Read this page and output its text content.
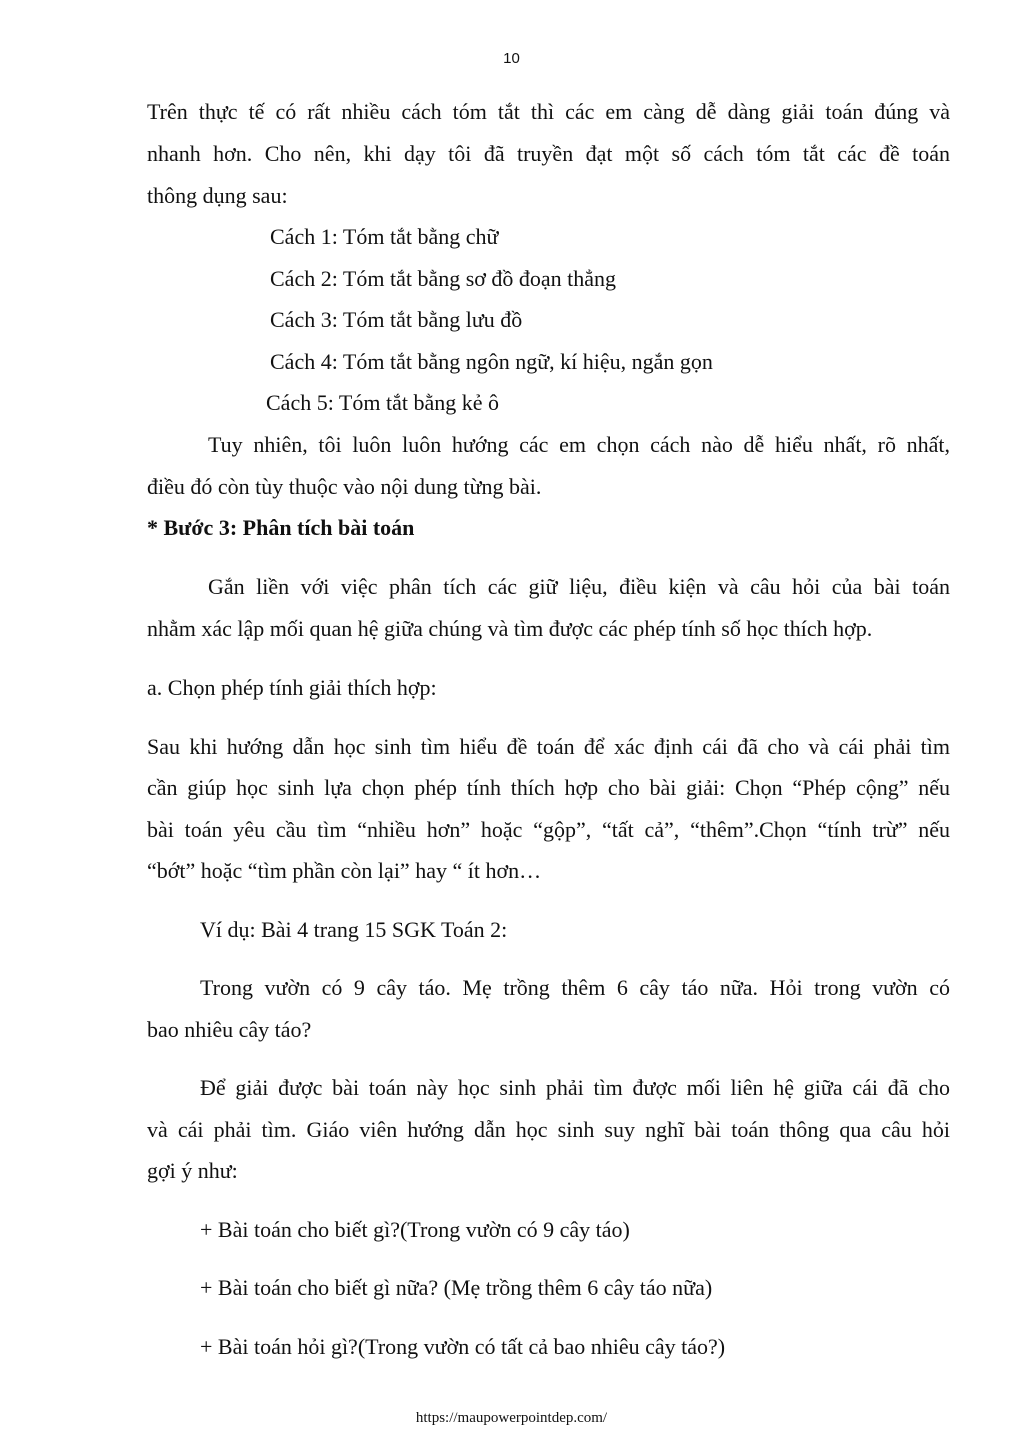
10
Trên thực tế có rất nhiều cách tóm tắt thì các em càng dễ dàng giải toán đúng và
nhanh hơn. Cho nên, khi dạy tôi đã truyền đạt một số cách tóm tắt các đề toán
thông dụng sau:
Cách 1: Tóm tắt bằng chữ
Cách 2: Tóm tắt bằng sơ đồ đoạn thẳng
Cách 3: Tóm tắt bằng lưu đồ
Cách 4: Tóm tắt bằng ngôn ngữ, kí hiệu, ngắn gọn
Cách 5: Tóm tắt bằng kẻ ô
Tuy nhiên, tôi luôn luôn hướng các em chọn cách nào dễ hiểu nhất, rõ nhất,
điều đó còn tùy thuộc vào nội dung từng bài.
* Bước 3: Phân tích bài toán
Gắn liền với việc phân tích các giữ liệu, điều kiện và câu hỏi của bài toán
nhằm xác lập mối quan hệ giữa chúng và tìm được các phép tính số học thích hợp.
a. Chọn phép tính giải thích hợp:
Sau khi hướng dẫn học sinh tìm hiểu đề toán để xác định cái đã cho và cái phải tìm
cần giúp học sinh lựa chọn phép tính thích hợp cho bài giải: Chọn “Phép cộng” nếu
bài toán yêu cầu tìm “nhiều hơn” hoặc “gộp”, “tất cả”, “thêm”.Chọn “tính trừ” nếu
“bớt” hoặc “tìm phần còn lại” hay “ ít hơn…
Ví dụ: Bài 4 trang 15 SGK Toán 2:
Trong vườn có 9 cây táo. Mẹ trồng thêm 6 cây táo nữa. Hỏi trong vườn có
bao nhiêu cây táo?
Để giải được bài toán này học sinh phải tìm được mối liên hệ giữa cái đã cho
và cái phải tìm. Giáo viên hướng dẫn học sinh suy nghĩ bài toán thông qua câu hỏi
gợi ý như:
+ Bài toán cho biết gì?(Trong vườn có 9 cây táo)
+ Bài toán cho biết gì nữa? (Mẹ trồng thêm 6 cây táo nữa)
+ Bài toán hỏi gì?(Trong vườn có tất cả bao nhiêu cây táo?)
https://maupowerpointdep.com/
